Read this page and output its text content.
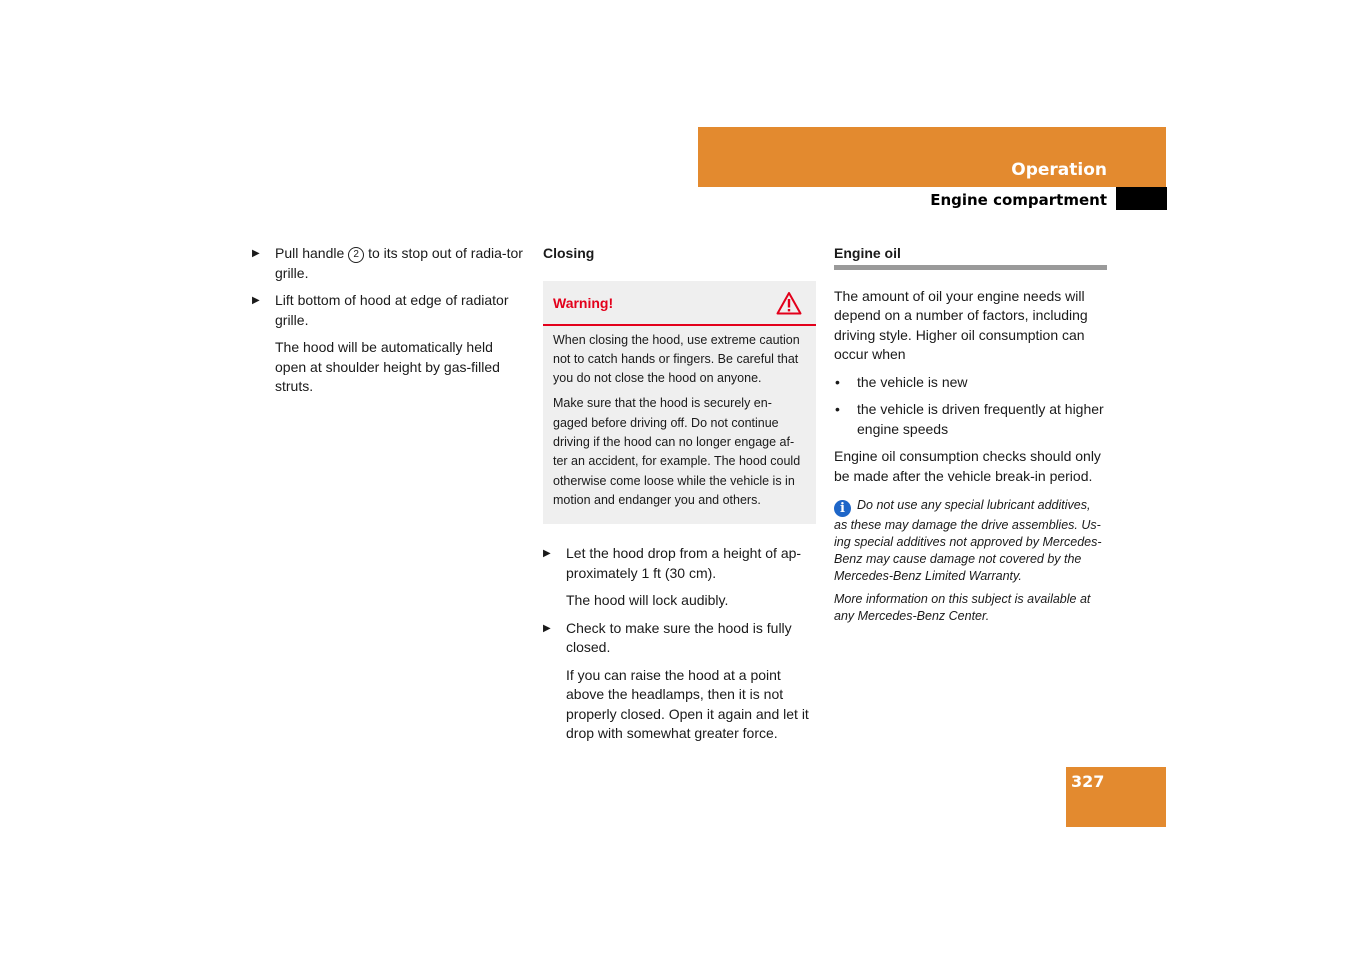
Operation
Engine compartment
▶ Pull handle 2 to its stop out of radia-tor grille.
▶ Lift bottom of hood at edge of radiator grille.
The hood will be automatically held open at shoulder height by gas-filled struts.
Closing
Warning!

When closing the hood, use extreme caution not to catch hands or fingers. Be careful that you do not close the hood on anyone.

Make sure that the hood is securely en-gaged before driving off. Do not continue driving if the hood can no longer engage af-ter an accident, for example. The hood could otherwise come loose while the vehicle is in motion and endanger you and others.

▶ Let the hood drop from a height of ap-proximately 1 ft (30 cm).
The hood will lock audibly.
▶ Check to make sure the hood is fully closed.
If you can raise the hood at a point above the headlamps, then it is not properly closed. Open it again and let it drop with somewhat greater force.
Engine oil

The amount of oil your engine needs will depend on a number of factors, including driving style. Higher oil consumption can occur when

• the vehicle is new
• the vehicle is driven frequently at higher engine speeds

Engine oil consumption checks should only be made after the vehicle break-in period.

i Do not use any special lubricant additives, as these may damage the drive assemblies. Us-ing special additives not approved by Mercedes-Benz may cause damage not covered by the Mercedes-Benz Limited Warranty.

More information on this subject is available at any Mercedes-Benz Center.

327
